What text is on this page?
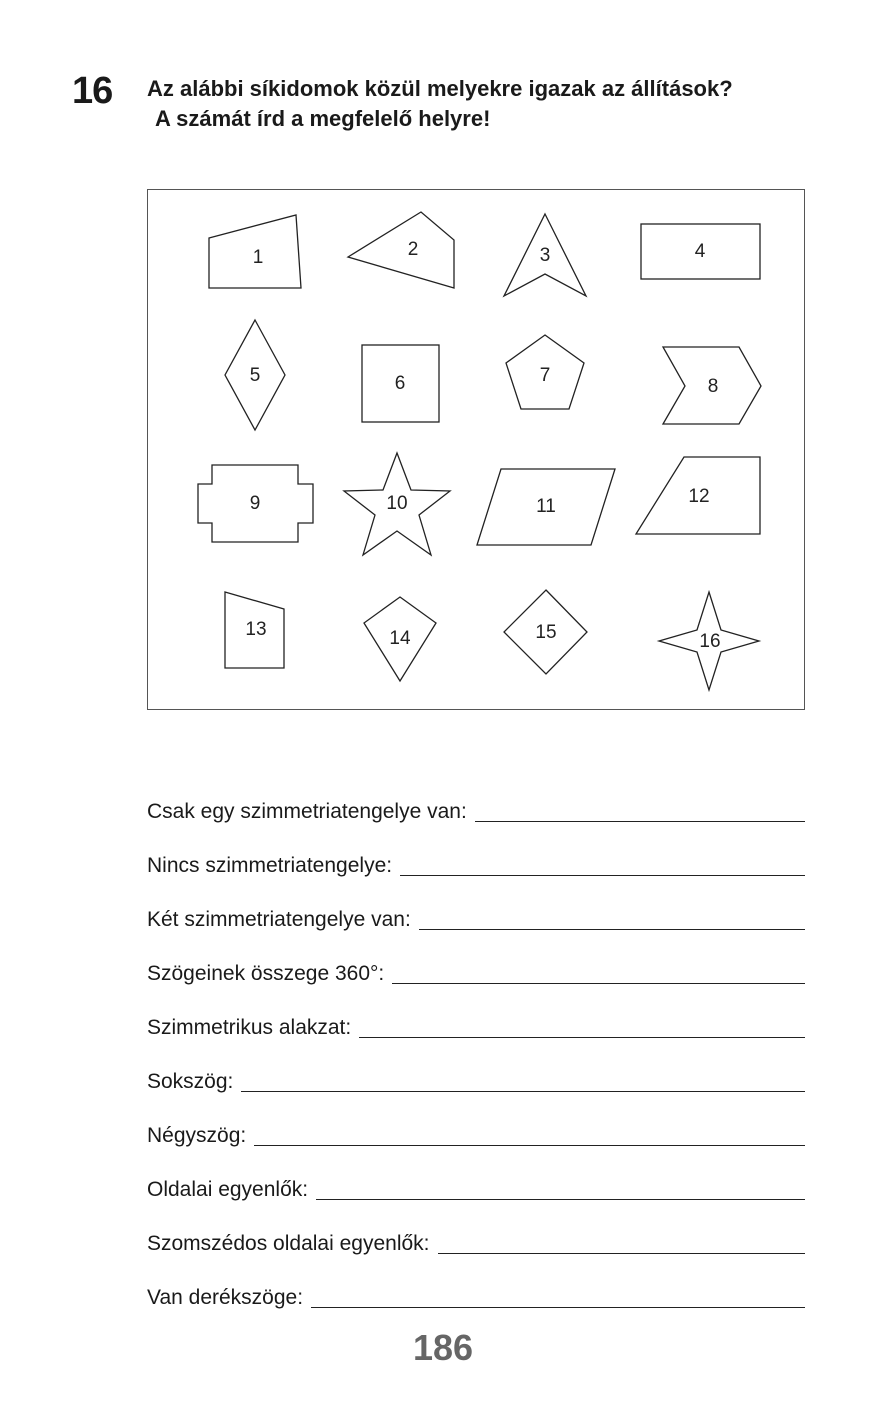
16 Az alábbi síkidomok közül melyekre igazak az állítások?
A számát írd a megfelelő helyre!
1	2	3	4
5	6	7
8
9	10	11	12
13	14	15	16
Csak egy szimmetriatengelye van:
Nincs szimmetriatengelye:
Két szimmetriatengelye van:
Szögeinek összege 360°:
Szimmetrikus alakzat:
Sokszög:
Négyszög:
Oldalai egyenlők:
Szomszédos oldalai egyenlők:
Van derékszöge:
186
